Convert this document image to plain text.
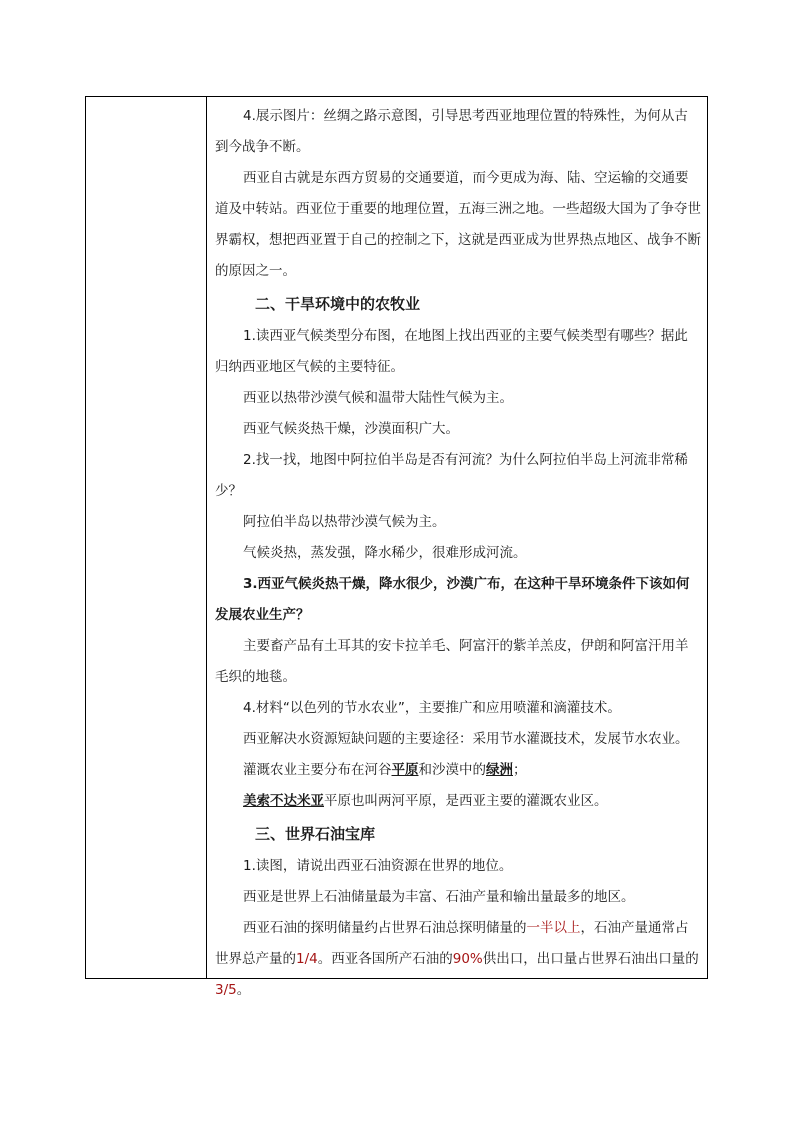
4.展示图片：丝绸之路示意图，引导思考西亚地理位置的特殊性，为何从古到今战争不断。

西亚自古就是东西方贸易的交通要道，而今更成为海、陆、空运输的交通要道及中转站。西亚位于重要的地理位置，五海三洲之地。一些超级大国为了争夺世界霸权，想把西亚置于自己的控制之下，这就是西亚成为世界热点地区、战争不断的原因之一。

二、干旱环境中的农牧业

1.读西亚气候类型分布图，在地图上找出西亚的主要气候类型有哪些？据此归纳西亚地区气候的主要特征。

西亚以热带沙漠气候和温带大陆性气候为主。

西亚气候炎热干燥，沙漠面积广大。

2.找一找，地图中阿拉伯半岛是否有河流？为什么阿拉伯半岛上河流非常稀少？

阿拉伯半岛以热带沙漠气候为主。

气候炎热，蒸发强，降水稀少，很难形成河流。

3.西亚气候炎热干燥，降水很少，沙漠广布，在这种干旱环境条件下该如何发展农业生产？

主要畜产品有土耳其的安卡拉羊毛、阿富汗的紫羊羔皮，伊朗和阿富汗用羊毛织的地毯。

4.材料“以色列的节水农业”，主要推广和应用喷灌和滴灌技术。

西亚解决水资源短缺问题的主要途径：采用节水灌溉技术，发展节水农业。

灌溉农业主要分布在河谷平原和沙漠中的绿洲；

美索不达米亚平原也叫两河平原，是西亚主要的灌溉农业区。

三、世界石油宝库

1.读图，请说出西亚石油资源在世界的地位。

西亚是世界上石油储量最为丰富、石油产量和输出量最多的地区。

西亚石油的探明储量约占世界石油总探明储量的一半以上，石油产量通常占世界总产量的1/4。西亚各国所产石油的90%供出口，出口量占世界石油出口量的3/5。
